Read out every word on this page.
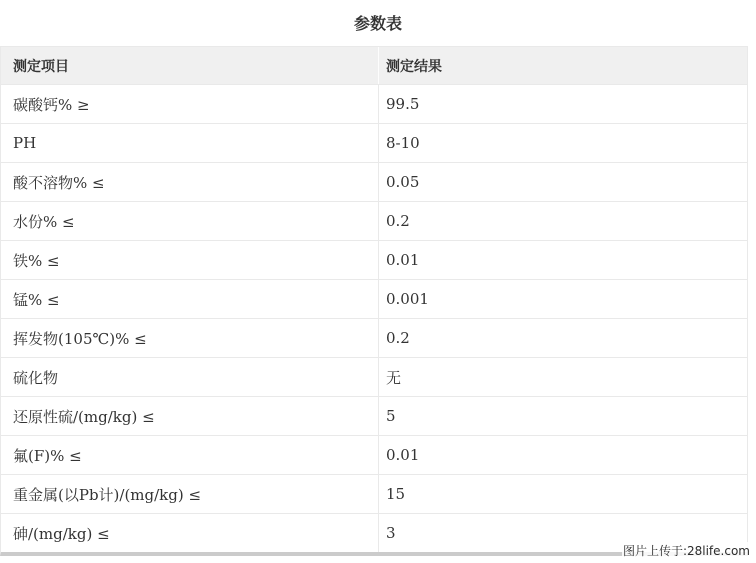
参数表
测定项目	测定结果
碳酸钙% ≥	99.5
PH	8-10
酸不溶物% ≤	0.05
水份% ≤	0.2
铁% ≤	0.01
锰% ≤	0.001
挥发物(105℃)% ≤	0.2
硫化物	无
还原性硫/(mg/kg) ≤	5
氟(F)% ≤	0.01
重金属(以Pb计)/(mg/kg) ≤	15
砷/(mg/kg) ≤	3
图片上传于:28life.com
